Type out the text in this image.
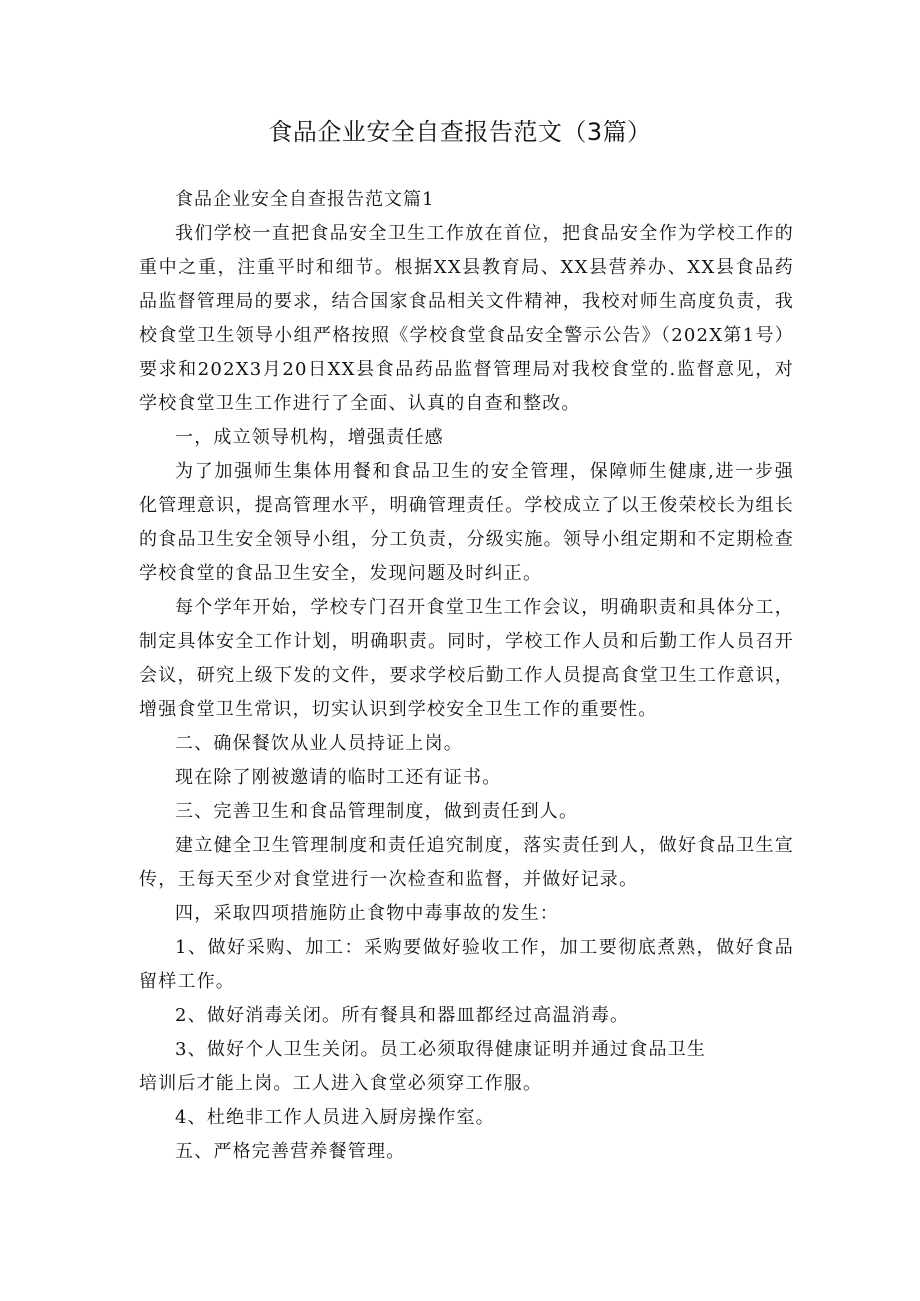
食品企业安全自查报告范文（3篇）

食品企业安全自查报告范文篇1

我们学校一直把食品安全卫生工作放在首位，把食品安全作为学校工作的重中之重，注重平时和细节。根据XX县教育局、XX县营养办、XX县食品药品监督管理局的要求，结合国家食品相关文件精神，我校对师生高度负责，我校食堂卫生领导小组严格按照《学校食堂食品安全警示公告》（202X第1号）要求和202X3月20日XX县食品药品监督管理局对我校食堂的.监督意见，对学校食堂卫生工作进行了全面、认真的自查和整改。

一，成立领导机构，增强责任感

为了加强师生集体用餐和食品卫生的安全管理，保障师生健康,进一步强化管理意识，提高管理水平，明确管理责任。学校成立了以王俊荣校长为组长的食品卫生安全领导小组，分工负责，分级实施。领导小组定期和不定期检查学校食堂的食品卫生安全，发现问题及时纠正。

每个学年开始，学校专门召开食堂卫生工作会议，明确职责和具体分工，制定具体安全工作计划，明确职责。同时，学校工作人员和后勤工作人员召开会议，研究上级下发的文件，要求学校后勤工作人员提高食堂卫生工作意识，增强食堂卫生常识，切实认识到学校安全卫生工作的重要性。

二、确保餐饮从业人员持证上岗。

现在除了刚被邀请的临时工还有证书。

三、完善卫生和食品管理制度，做到责任到人。

建立健全卫生管理制度和责任追究制度，落实责任到人，做好食品卫生宣传，王每天至少对食堂进行一次检查和监督，并做好记录。

四，采取四项措施防止食物中毒事故的发生：

1、做好采购、加工：采购要做好验收工作，加工要彻底煮熟，做好食品留样工作。

2、做好消毒关闭。所有餐具和器皿都经过高温消毒。

3、做好个人卫生关闭。员工必须取得健康证明并通过食品卫生

培训后才能上岗。工人进入食堂必须穿工作服。

4、杜绝非工作人员进入厨房操作室。

五、严格完善营养餐管理。
